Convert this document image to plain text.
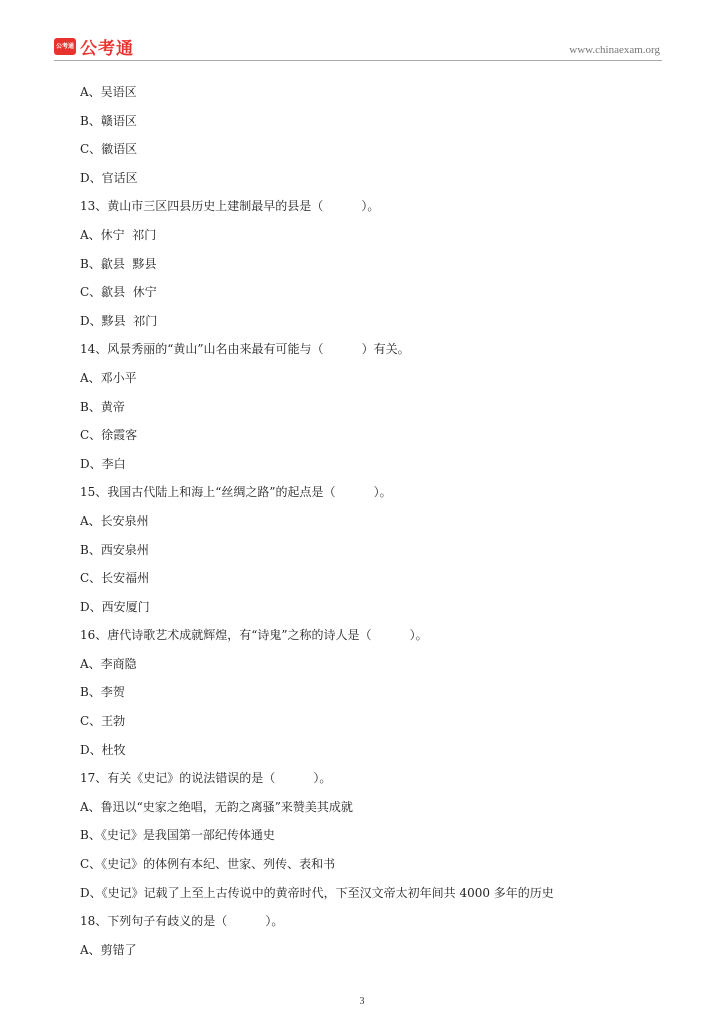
公考通 公考通	www.chinaexam.org
A、吴语区
B、赣语区
C、徽语区
D、官话区
13、黄山市三区四县历史上建制最早的县是（          ）。
A、休宁  祁门
B、歙县  黟县
C、歙县  休宁
D、黟县  祁门
14、风景秀丽的“黄山”山名由来最有可能与（          ）有关。
A、邓小平
B、黄帝
C、徐霞客
D、李白
15、我国古代陆上和海上“丝绸之路”的起点是（          ）。
A、长安泉州
B、西安泉州
C、长安福州
D、西安厦门
16、唐代诗歌艺术成就辉煌，有“诗鬼”之称的诗人是（          ）。
A、李商隐
B、李贺
C、王勃
D、杜牧
17、有关《史记》的说法错误的是（          ）。
A、鲁迅以“史家之绝唱，无韵之离骚”来赞美其成就
B、《史记》是我国第一部纪传体通史
C、《史记》的体例有本纪、世家、列传、表和书
D、《史记》记载了上至上古传说中的黄帝时代，下至汉文帝太初年间共 4000 多年的历史
18、下列句子有歧义的是（          ）。
A、剪错了
3
